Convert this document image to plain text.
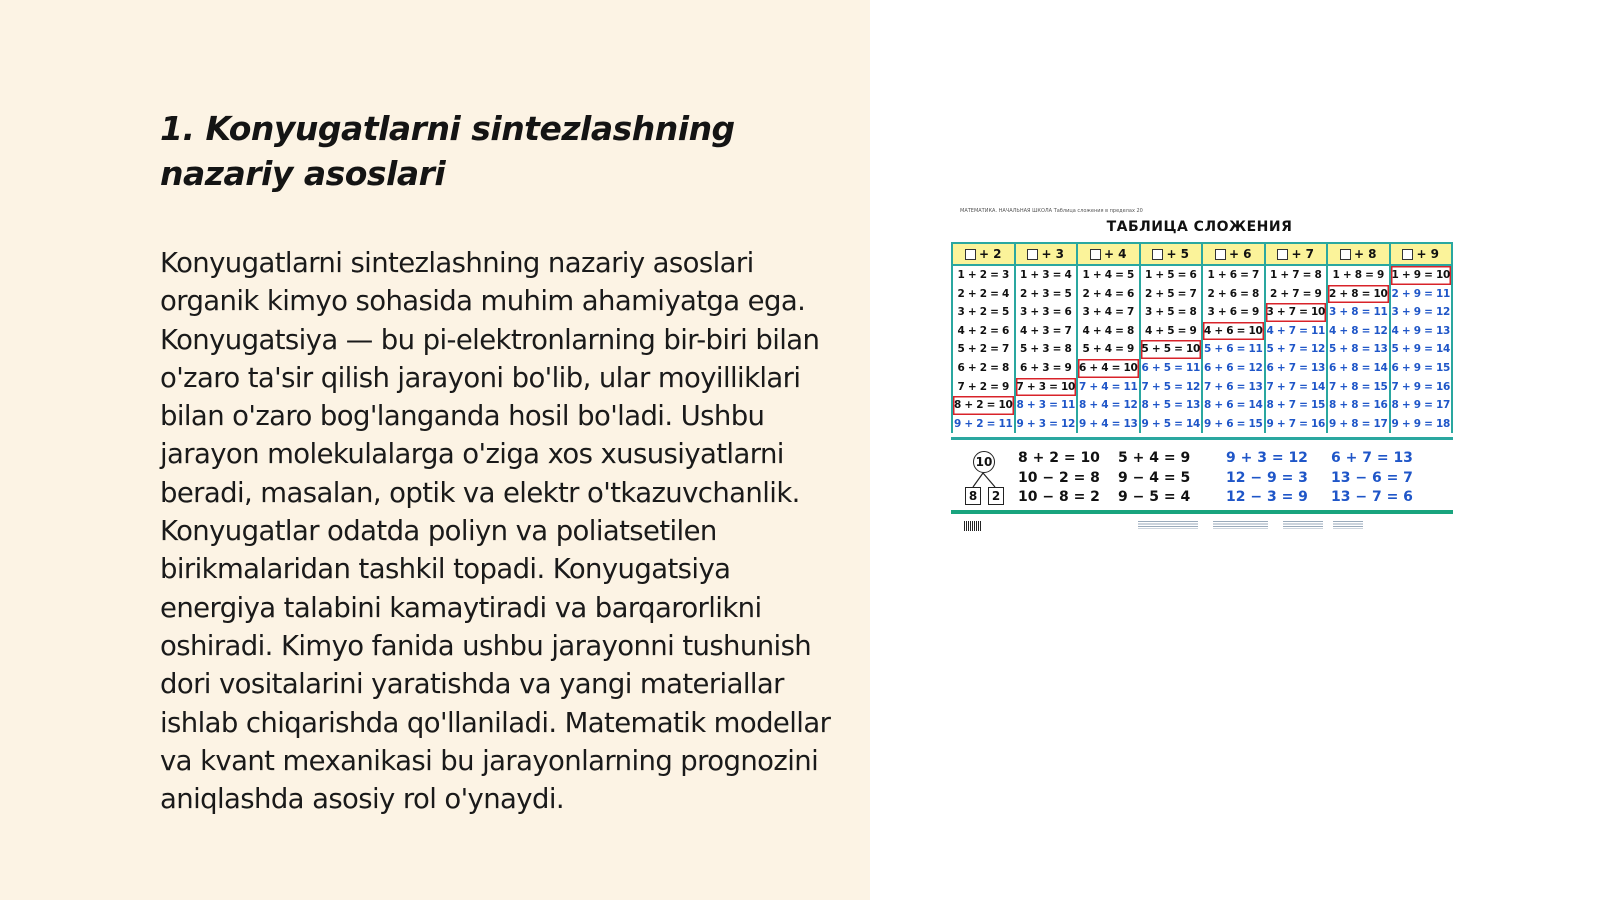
1. Konyugatlarni sintezlashning nazariy asoslari

Konyugatlarni sintezlashning nazariy asoslari organik kimyo sohasida muhim ahamiyatga ega. Konyugatsiya — bu pi-elektronlarning bir-biri bilan o'zaro ta'sir qilish jarayoni bo'lib, ular moyilliklari bilan o'zaro bog'langanda hosil bo'ladi. Ushbu jarayon molekulalarga o'ziga xos xususiyatlarni beradi, masalan, optik va elektr o'tkazuvchanlik. Konyugatlar odatda poliyn va poliatsetilen birikmalaridan tashkil topadi. Konyugatsiya energiya talabini kamaytiradi va barqarorlikni oshiradi. Kimyo fanida ushbu jarayonni tushunish dori vositalarini yaratishda va yangi materiallar ishlab chiqarishda qo'llaniladi. Matematik modellar va kvant mexanikasi bu jarayonlarning prognozini aniqlashda asosiy rol o'ynaydi.

МАТЕМАТИКА. НАЧАЛЬНАЯ ШКОЛА Таблица сложения в пределах 20
ТАБЛИЦА СЛОЖЕНИЯ
+ 2
1 + 2 = 3
2 + 2 = 4
3 + 2 = 5
4 + 2 = 6
5 + 2 = 7
6 + 2 = 8
7 + 2 = 9
8 + 2 = 10
9 + 2 = 11
+ 3
1 + 3 = 4
2 + 3 = 5
3 + 3 = 6
4 + 3 = 7
5 + 3 = 8
6 + 3 = 9
7 + 3 = 10
8 + 3 = 11
9 + 3 = 12
+ 4
1 + 4 = 5
2 + 4 = 6
3 + 4 = 7
4 + 4 = 8
5 + 4 = 9
6 + 4 = 10
7 + 4 = 11
8 + 4 = 12
9 + 4 = 13
+ 5
1 + 5 = 6
2 + 5 = 7
3 + 5 = 8
4 + 5 = 9
5 + 5 = 10
6 + 5 = 11
7 + 5 = 12
8 + 5 = 13
9 + 5 = 14
+ 6
1 + 6 = 7
2 + 6 = 8
3 + 6 = 9
4 + 6 = 10
5 + 6 = 11
6 + 6 = 12
7 + 6 = 13
8 + 6 = 14
9 + 6 = 15
+ 7
1 + 7 = 8
2 + 7 = 9
3 + 7 = 10
4 + 7 = 11
5 + 7 = 12
6 + 7 = 13
7 + 7 = 14
8 + 7 = 15
9 + 7 = 16
+ 8
1 + 8 = 9
2 + 8 = 10
3 + 8 = 11
4 + 8 = 12
5 + 8 = 13
6 + 8 = 14
7 + 8 = 15
8 + 8 = 16
9 + 8 = 17
+ 9
1 + 9 = 10
2 + 9 = 11
3 + 9 = 12
4 + 9 = 13
5 + 9 = 14
6 + 9 = 15
7 + 9 = 16
8 + 9 = 17
9 + 9 = 18
10
8	2
8 + 2 = 10
10 − 2 = 8
10 − 8 = 2
5 + 4 = 9
9 − 4 = 5
9 − 5 = 4
9 + 3 = 12
12 − 9 = 3
12 − 3 = 9
6 + 7 = 13
13 − 6 = 7
13 − 7 = 6
